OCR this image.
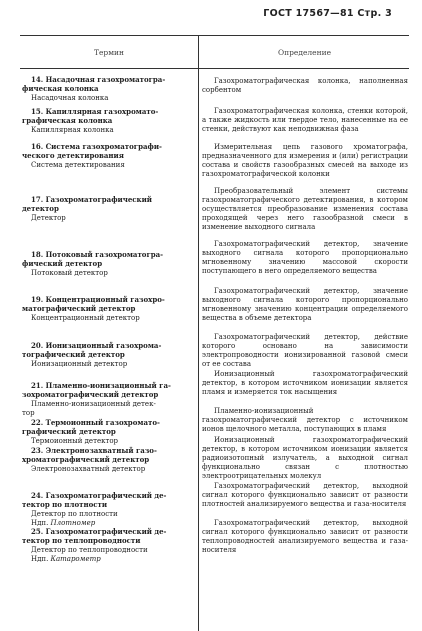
ГОСТ 17567—81 Стр. 3
Термин	Определение
14. Насадочная газохроматогра-
фическая колонка
Насадочная колонка
15. Капиллярная газохромато-
графическая колонка
Капиллярная колонка
16. Система газохроматографи-
ческого детектирования
Система детектирования
17. Газохроматографический
детектор
Детектор
18. Потоковый газохроматогра-
фический детектор
Потоковый детектор
19. Концентрационный газохро-
матографический детектор
Концентрационный детектор
20. Ионизационный газохрома-
тографический детектор
Ионизационный детектор
21. Пламенно-ионизационный га-
зохроматографический детектор
Пламенно-ионизационный детек-
тор
22. Термоионный газохромато-
графический детектор
Термоионный детектор
23. Электронозахватный газо-
хроматографический детектор
Электронозахватный детектор
24. Газохроматографический де-
тектор по плотности
Детектор по плотности
Ндп. Плотномер
25. Газохроматографический де-
тектор по теплопроводности
Детектор по теплопроводности
Ндп. Катарометр
Газохроматографическая колонка, наполненная сорбентом
Газохроматографическая колонка, стенки которой, а также жидкость или твердое тело, нанесенные на ее стенки, действуют как неподвижная фаза
Измерительная цепь газового хроматографа, предназначенного для измерения и (или) регистрации состава и свойств газообразных смесей на выходе из газохроматографической колонки
Преобразовательный элемент системы газохроматографического детектирования, в котором осуществляется преобразование изменения состава проходящей через него газообразной смеси в изменение выходного сигнала
Газохроматографический детектор, значение выходного сигнала которого пропорционально мгновенному значению массовой скорости поступающего в него определяемого вещества
Газохроматографический детектор, значение выходного сигнала которого пропорционально мгновенному значению концентрации определяемого вещества в объеме детектора
Газохроматографический детектор, действие которого основано на зависимости электропроводности ионизированной газовой смеси от ее состава
Ионизационный газохроматографический детектор, в котором источником ионизации является пламя и измеряется ток насыщения
Пламенно-ионизационный газохроматографический детектор с источником ионов щелочного металла, поступающих в пламя
Ионизационный газохроматографический детектор, в котором источником ионизации является радиоизотопный излучатель, а выходной сигнал функционально связан с плотностью электроотрицательных молекул
Газохроматографический детектор, выходной сигнал которого функционально зависит от разности плотностей анализируемого вещества и газа-носителя
Газохроматографический детектор, выходной сигнал которого функционально зависит от разности теплопроводностей анализируемого вещества и газа-носителя
